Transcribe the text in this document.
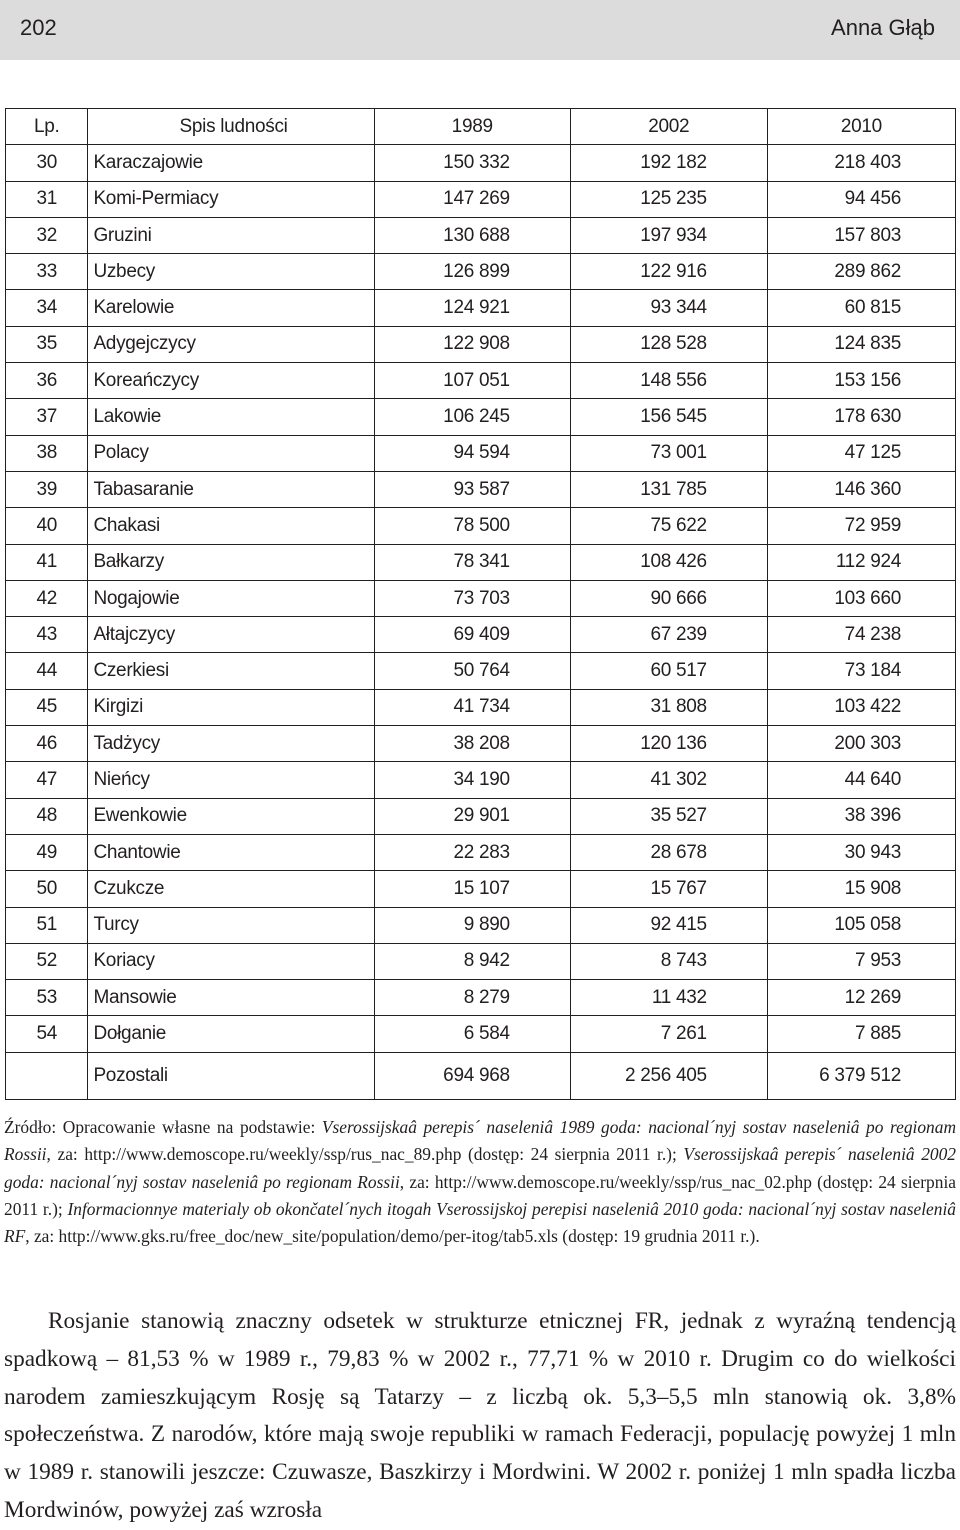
202	Anna Głąb
Lp.	Spis ludności	1989	2002	2010
30	Karaczajowie	150 332	192 182	218 403
31	Komi-Permiacy	147 269	125 235	94 456
32	Gruzini	130 688	197 934	157 803
33	Uzbecy	126 899	122 916	289 862
34	Karelowie	124 921	93 344	60 815
35	Adygejczycy	122 908	128 528	124 835
36	Koreańczycy	107 051	148 556	153 156
37	Lakowie	106 245	156 545	178 630
38	Polacy	94 594	73 001	47 125
39	Tabasaranie	93 587	131 785	146 360
40	Chakasi	78 500	75 622	72 959
41	Bałkarzy	78 341	108 426	112 924
42	Nogajowie	73 703	90 666	103 660
43	Ałtajczycy	69 409	67 239	74 238
44	Czerkiesi	50 764	60 517	73 184
45	Kirgizi	41 734	31 808	103 422
46	Tadżycy	38 208	120 136	200 303
47	Nieńcy	34 190	41 302	44 640
48	Ewenkowie	29 901	35 527	38 396
49	Chantowie	22 283	28 678	30 943
50	Czukcze	15 107	15 767	15 908
51	Turcy	9 890	92 415	105 058
52	Koriacy	8 942	8 743	7 953
53	Mansowie	8 279	11 432	12 269
54	Dołganie	6 584	7 261	7 885
	Pozostali	694 968	2 256 405	6 379 512
Źródło: Opracowanie własne na podstawie: Vserossijskaâ perepis´ naseleniâ 1989 goda: nacional´nyj sostav naseleniâ po regionam Rossii, za: http://www.demoscope.ru/weekly/ssp/rus_nac_89.php (dostęp: 24 sierpnia 2011 r.); Vserossijskaâ perepis´ naseleniâ 2002 goda: nacional´nyj sostav naseleniâ po regionam Rossii, za: http://www.demoscope.ru/weekly/ssp/rus_nac_02.php (dostęp: 24 sierpnia 2011 r.); Informacionnye materialy ob okončatel´nych itogah Vserossijskoj perepisi naseleniâ 2010 goda: nacional´nyj sostav naseleniâ RF, za: http://www.gks.ru/free_doc/new_site/population/demo/per-itog/tab5.xls (dostęp: 19 grudnia 2011 r.).
Rosjanie stanowią znaczny odsetek w strukturze etnicznej FR, jednak z wyraźną tendencją spadkową – 81,53 % w 1989 r., 79,83 % w 2002 r., 77,71 % w 2010 r. Drugim co do wielkości narodem zamieszkującym Rosję są Tatarzy – z liczbą ok. 5,3–5,5 mln stanowią ok. 3,8% społeczeństwa. Z narodów, które mają swoje republiki w ramach Federacji, populację powyżej 1 mln w 1989 r. stanowili jeszcze: Czuwasze, Baszkirzy i Mordwini. W 2002 r. poniżej 1 mln spadła liczba Mordwinów, powyżej zaś wzrosła
